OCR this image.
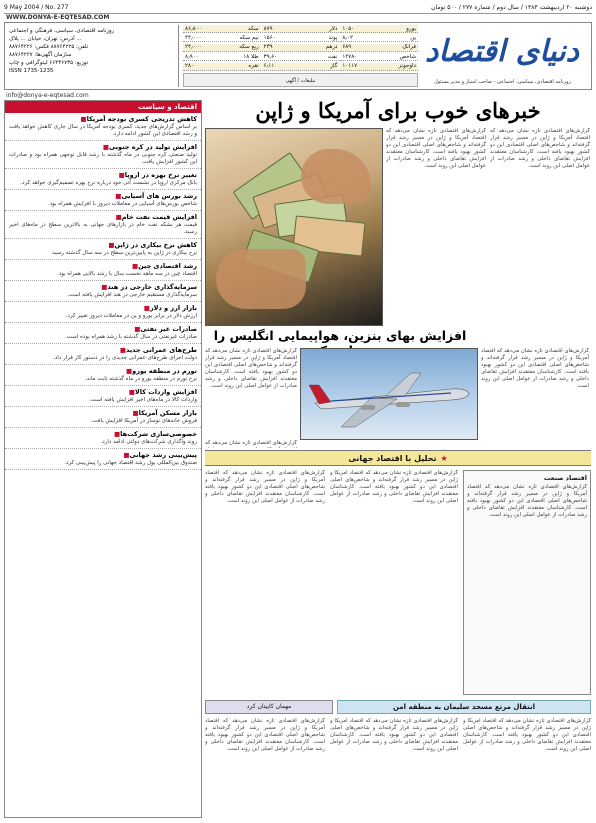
9 May 2004 / No. 277	دوشنبه ۲۰ اردیبهشت ۱۳۸۳ / سال دوم / شماره ۲۷۷ / ۵۰۰ تومان
WWW.DONYA-E-EQTESAD.COM
روزنامه اقتصادی، سیاسی، فرهنگی و اجتماعی
آدرس: تهران، خیابان ... پلاک ...
تلفن: ۸۸۷۶۴۲۲۵ فکس: ۸۸۷۶۴۲۲۶
سازمان آگهی‌ها: ۸۸۷۶۴۲۲۷
توزیع: ۶۶۴۳۶۷۳۵ لیتوگرافی و چاپ
ISSN 1735-1235
۸۶٫۸۰۰	سکه ۸۷۹	دلار ۱۰۵۰	یورو
۴۴٫۰۰۰	نیم سکه ۱۵۶۰	پوند ۸٫۰۲	ین
۲۴٫۰۰۰	ربع سکه ۲۳۹	درهم ۶۸۹	فرانک
۸٫۹۰۰	طلا ۱۸ ۳۹٫۶۰	نفت ۱۲۷۸۰	شاخص
۲۸۰	نقره ۶٫۱۱	گاز ۱۰۱۱۷	داوجونز
تبلیغات / آگهی
دنیای اقتصاد
روزنامه اقتصادی، سیاسی، اجتماعی - صاحب امتیاز و مدیر مسئول
info@donya-e-eqtesad.com
اقتصاد و سیاست
■ کاهش تدریجی کسری بودجه آمریکا
بر اساس گزارش‌های جدید، کسری بودجه آمریکا در سال جاری کاهش خواهد یافت و رشد اقتصادی این کشور ادامه دارد.
■ افزایش تولید در کره جنوبی
تولید صنعتی کره جنوبی در ماه گذشته با رشد قابل توجهی همراه بود و صادرات این کشور افزایش یافت.
■ تغییر نرخ بهره در اروپا
بانک مرکزی اروپا در نشست آتی خود درباره نرخ بهره تصمیم‌گیری خواهد کرد.
■ رشد بورس های آسیایی
شاخص بورس‌های آسیایی در معاملات دیروز با افزایش همراه بود.
■ افزایش قیمت نفت خام
قیمت هر بشکه نفت خام در بازارهای جهانی به بالاترین سطح در ماه‌های اخیر رسید.
■ کاهش نرخ بیکاری در ژاپن
نرخ بیکاری در ژاپن به پایین‌ترین سطح در سه سال گذشته رسید.
■ رشد اقتصادی چین
اقتصاد چین در سه ماهه نخست سال با رشد بالایی همراه بود.
■ سرمایه‌گذاری خارجی در هند
سرمایه‌گذاری مستقیم خارجی در هند افزایش یافته است.
■ بازار ارز و دلار
ارزش دلار در برابر یورو و ین در معاملات دیروز تغییر کرد.
■ صادرات غیر نفتی
صادرات غیرنفتی در سال گذشته با رشد همراه بوده است.
■ طرح‌های عمرانی جدید
دولت اجرای طرح‌های عمرانی جدیدی را در دستور کار قرار داد.
■ تورم در منطقه یورو
نرخ تورم در منطقه یورو در ماه گذشته ثابت ماند.
■ افزایش واردات کالا
واردات کالا در ماه‌های اخیر افزایش یافته است.
■ بازار مسکن آمریکا
فروش خانه‌های نوساز در آمریکا افزایش یافت.
■ خصوصی‌سازی شرکت‌ها
روند واگذاری شرکت‌های دولتی ادامه دارد.
■ پیش‌بینی رشد جهانی
صندوق بین‌المللی پول رشد اقتصاد جهانی را پیش‌بینی کرد.
خبرهای خوب برای آمریکا و ژاپن
گزارش‌های اقتصادی تازه نشان می‌دهد که اقتصاد آمریکا و ژاپن در مسیر رشد قرار گرفته‌اند و شاخص‌های اصلی اقتصادی این دو کشور بهبود یافته است. کارشناسان معتقدند افزایش تقاضای داخلی و رشد صادرات از عوامل اصلی این روند است.
گزارش‌های اقتصادی تازه نشان می‌دهد که اقتصاد آمریکا و ژاپن در مسیر رشد قرار گرفته‌اند و شاخص‌های اصلی اقتصادی این دو کشور بهبود یافته است. کارشناسان معتقدند افزایش تقاضای داخلی و رشد صادرات از عوامل اصلی این روند است.
افزایش بهای بنزین، هواپیمایی انگلیس را
گزارش‌های اقتصادی تازه نشان می‌دهد که اقتصاد آمریکا و ژاپن در مسیر رشد قرار گرفته‌اند و شاخص‌های اصلی اقتصادی این دو کشور بهبود یافته است. کارشناسان معتقدند افزایش تقاضای داخلی و رشد صادرات از عوامل اصلی این روند است.
گزارش‌های اقتصادی تازه نشان می‌دهد که اقتصاد آمریکا و ژاپن در مسیر رشد قرار گرفته‌اند و شاخص‌های اصلی اقتصادی این دو کشور بهبود یافته است. کارشناسان معتقدند افزایش تقاضای داخلی و رشد صادرات از عوامل اصلی این روند است.
گزارش‌های اقتصادی تازه نشان می‌دهد که
★تحلیل با اقتصاد جهانی
گزارش‌های اقتصادی تازه نشان می‌دهد که اقتصاد آمریکا و ژاپن در مسیر رشد قرار گرفته‌اند و شاخص‌های اصلی اقتصادی این دو کشور بهبود یافته است. کارشناسان معتقدند افزایش تقاضای داخلی و رشد صادرات از عوامل اصلی این روند است.
گزارش‌های اقتصادی تازه نشان می‌دهد که اقتصاد آمریکا و ژاپن در مسیر رشد قرار گرفته‌اند و شاخص‌های اصلی اقتصادی این دو کشور بهبود یافته است. کارشناسان معتقدند افزایش تقاضای داخلی و رشد صادرات از عوامل اصلی این روند است.
اقتصاد صنعت
گزارش‌های اقتصادی تازه نشان می‌دهد که اقتصاد آمریکا و ژاپن در مسیر رشد قرار گرفته‌اند و شاخص‌های اصلی اقتصادی این دو کشور بهبود یافته است. کارشناسان معتقدند افزایش تقاضای داخلی و رشد صادرات از عوامل اصلی این روند است.
مهمان کاپیتان کرد	انتقال مرتع مسجد سلیمان به منطقه امن
گزارش‌های اقتصادی تازه نشان می‌دهد که اقتصاد آمریکا و ژاپن در مسیر رشد قرار گرفته‌اند و شاخص‌های اصلی اقتصادی این دو کشور بهبود یافته است. کارشناسان معتقدند افزایش تقاضای داخلی و رشد صادرات از عوامل اصلی این روند است.
گزارش‌های اقتصادی تازه نشان می‌دهد که اقتصاد آمریکا و ژاپن در مسیر رشد قرار گرفته‌اند و شاخص‌های اصلی اقتصادی این دو کشور بهبود یافته است. کارشناسان معتقدند افزایش تقاضای داخلی و رشد صادرات از عوامل اصلی این روند است.
گزارش‌های اقتصادی تازه نشان می‌دهد که اقتصاد آمریکا و ژاپن در مسیر رشد قرار گرفته‌اند و شاخص‌های اصلی اقتصادی این دو کشور بهبود یافته است. کارشناسان معتقدند افزایش تقاضای داخلی و رشد صادرات از عوامل اصلی این روند است.
